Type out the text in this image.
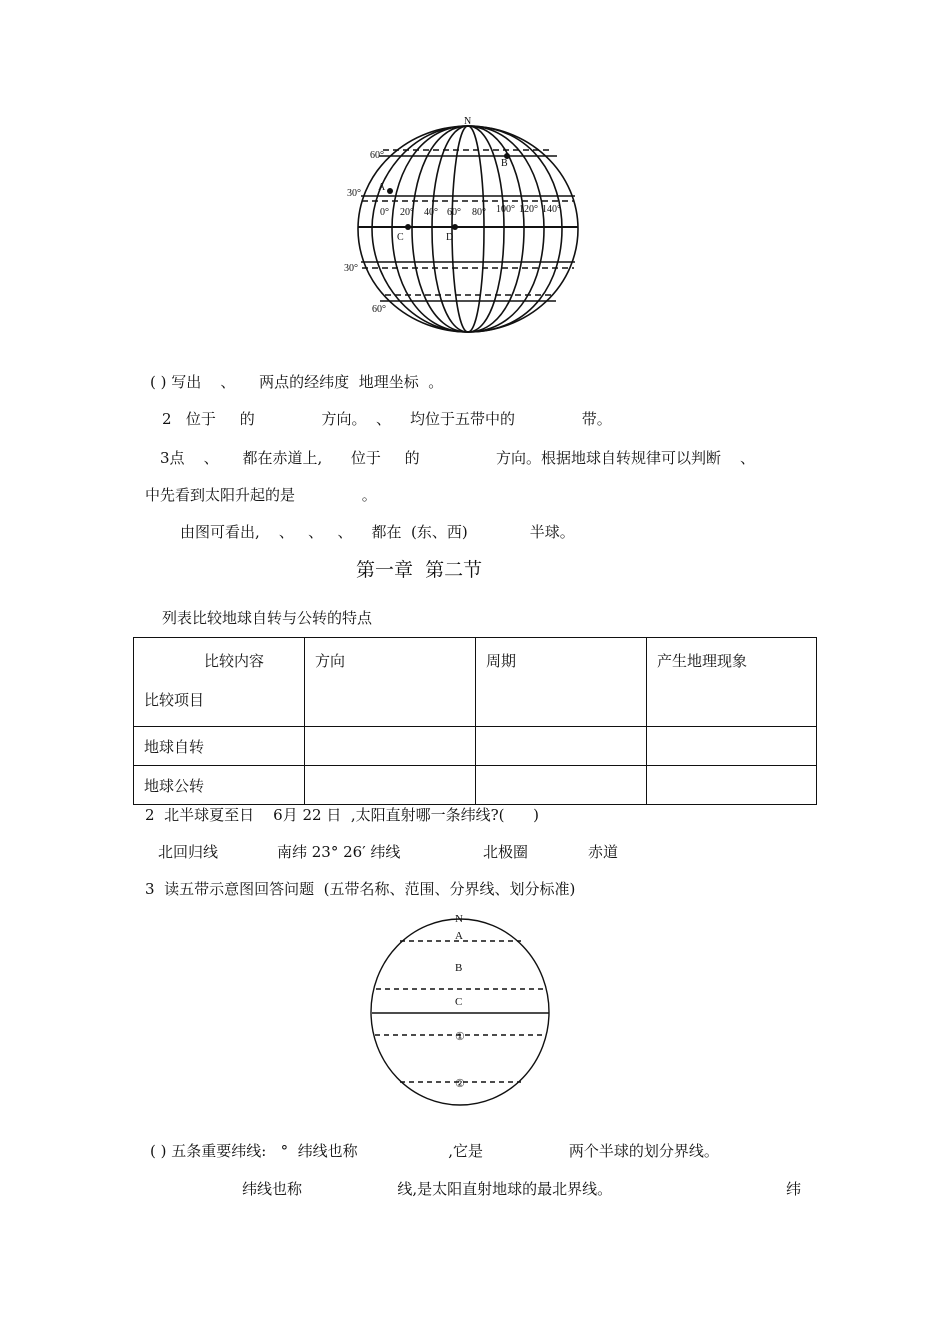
N
60°
30°
30°
60°
0° 20° 40° 60° 80° 100° 120° 140°
A
B
C	D
( ) 写出    、     两点的经纬度  地理坐标  。
2   位于     的              方向。  、    均位于五带中的              带。
3点    、     都在赤道上,      位于     的                方向。根据地球自转规律可以判断    、
中先看到太阳升起的是              。
由图可看出,    、   、   、    都在  (东、西)             半球。
第一章  第二节
列表比较地球自转与公转的特点
比较内容
比较项目	方向	周期	产生地理现象
地球自转			
地球公转			
2  北半球夏至日    6月 22 日  ,太阳直射哪一条纬线?(      )
北回归线	南纬 23° 26′ 纬线	北极圈	赤道
3  读五带示意图回答问题  (五带名称、范围、分界线、划分标准)
N
A
B
C
①
②
( ) 五条重要纬线:   °  纬线也称                   ,它是                  两个半球的划分界线。
纬线也称                    线,是太阳直射地球的最北界线。	纬
